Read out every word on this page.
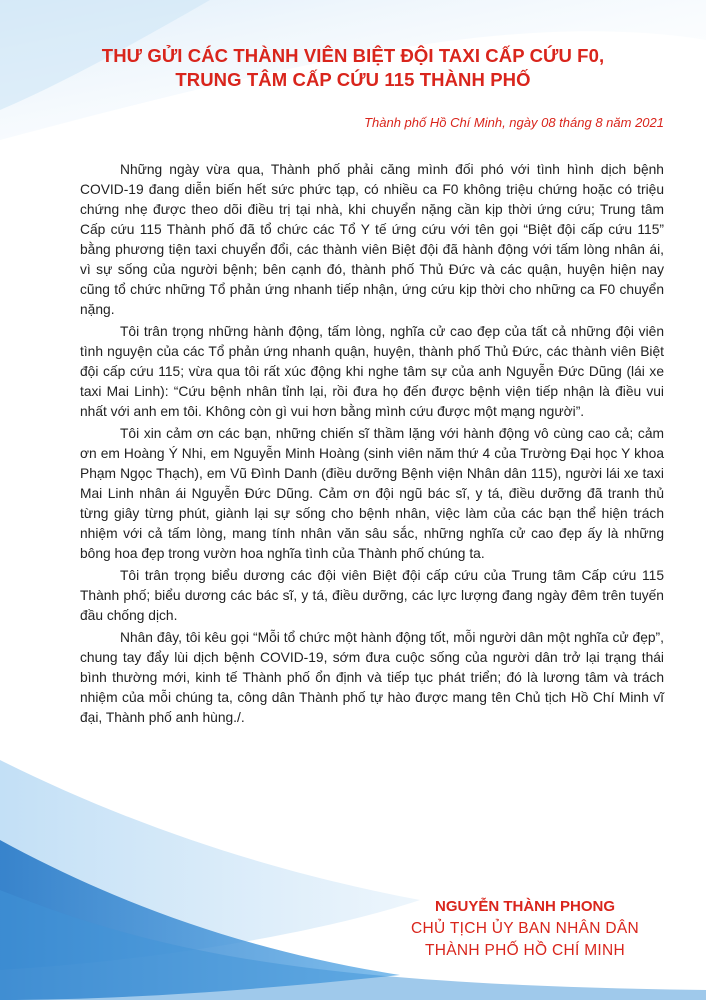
THƯ GỬI CÁC THÀNH VIÊN BIỆT ĐỘI TAXI CẤP CỨU F0,
TRUNG TÂM CẤP CỨU 115 THÀNH PHỐ
Thành phố Hồ Chí Minh, ngày 08 tháng 8 năm 2021

Những ngày vừa qua, Thành phố phải căng mình đối phó với tình hình dịch bệnh COVID-19 đang diễn biến hết sức phức tạp, có nhiều ca F0 không triệu chứng hoặc có triệu chứng nhẹ được theo dõi điều trị tại nhà, khi chuyển nặng cần kịp thời ứng cứu; Trung tâm Cấp cứu 115 Thành phố đã tổ chức các Tổ Y tế ứng cứu với tên gọi “Biệt đội cấp cứu 115” bằng phương tiện taxi chuyển đổi, các thành viên Biệt đội đã hành động với tấm lòng nhân ái, vì sự sống của người bệnh; bên cạnh đó, thành phố Thủ Đức và các quận, huyện hiện nay cũng tổ chức những Tổ phản ứng nhanh tiếp nhận, ứng cứu kịp thời cho những ca F0 chuyển nặng.

Tôi trân trọng những hành động, tấm lòng, nghĩa cử cao đẹp của tất cả những đội viên tình nguyện của các Tổ phản ứng nhanh quận, huyện, thành phố Thủ Đức, các thành viên Biệt đội cấp cứu 115; vừa qua tôi rất xúc động khi nghe tâm sự của anh Nguyễn Đức Dũng (lái xe taxi Mai Linh): “Cứu bệnh nhân tỉnh lại, rồi đưa họ đến được bệnh viện tiếp nhận là điều vui nhất với anh em tôi. Không còn gì vui hơn bằng mình cứu được một mạng người”.

Tôi xin cảm ơn các bạn, những chiến sĩ thầm lặng với hành động vô cùng cao cả; cảm ơn em Hoàng Ý Nhi, em Nguyễn Minh Hoàng (sinh viên năm thứ 4 của Trường Đại học Y khoa Phạm Ngọc Thạch), em Vũ Đình Danh (điều dưỡng Bệnh viện Nhân dân 115), người lái xe taxi Mai Linh nhân ái Nguyễn Đức Dũng. Cảm ơn đội ngũ bác sĩ, y tá, điều dưỡng đã tranh thủ từng giây từng phút, giành lại sự sống cho bệnh nhân, việc làm của các bạn thể hiện trách nhiệm với cả tấm lòng, mang tính nhân văn sâu sắc, những nghĩa cử cao đẹp ấy là những bông hoa đẹp trong vườn hoa nghĩa tình của Thành phố chúng ta.

Tôi trân trọng biểu dương các đội viên Biệt đội cấp cứu của Trung tâm Cấp cứu 115 Thành phố; biểu dương các bác sĩ, y tá, điều dưỡng, các lực lượng đang ngày đêm trên tuyến đầu chống dịch.

Nhân đây, tôi kêu gọi “Mỗi tổ chức một hành động tốt, mỗi người dân một nghĩa cử đẹp”, chung tay đẩy lùi dịch bệnh COVID-19, sớm đưa cuộc sống của người dân trở lại trạng thái bình thường mới, kinh tế Thành phố ổn định và tiếp tục phát triển; đó là lương tâm và trách nhiệm của mỗi chúng ta, công dân Thành phố tự hào được mang tên Chủ tịch Hồ Chí Minh vĩ đại, Thành phố anh hùng./.

NGUYỄN THÀNH PHONG
CHỦ TỊCH ỦY BAN NHÂN DÂN
THÀNH PHỐ HỒ CHÍ MINH
